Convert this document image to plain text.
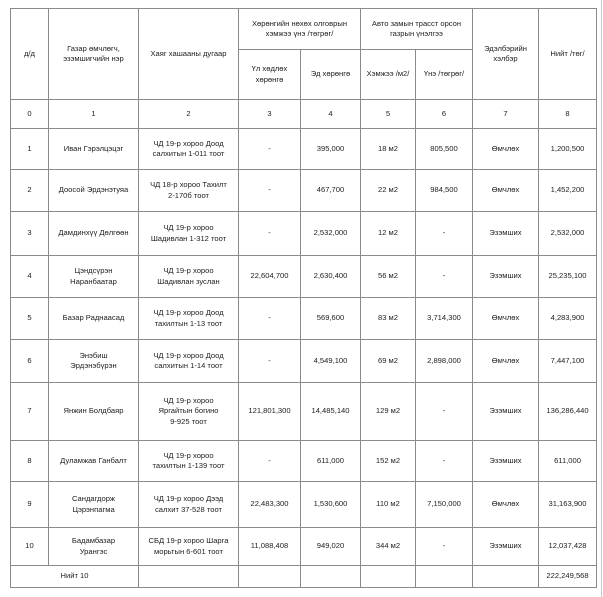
д/д	Газар өмчлөгч, эзэмшигчийн нэр	Хаяг хашааны дугаар	Хөрөнгийн нөхөх олговрын хэмжээ үнэ /төгрөг/		Авто замын трасст орсон газрын үнэлгээ		Эдэлбэрийн хэлбэр	Нийт /төг/
			Үл хөдлөх хөрөнгө	Эд хөрөнгө	Хэмжээ /м2/	Үнэ /төгрөг/		
0	1	2	3	4	5	6	7	8
1	Иван Гэрэлцэцэг	ЧД 19-р хороо Доод
салхитын 1-011 тоот	-	395,000	18 м2	805,500	Өмчлөх	1,200,500
2	Доосой Эрдэнэтуяа	ЧД 18-р хороо Тахилт
2-170б тоот	-	467,700	22 м2	984,500	Өмчлөх	1,452,200
3	Дамдинхүү Дөлгөөн	ЧД 19-р хороо
Шадивлан 1-312 тоот	-	2,532,000	12 м2	-	Эзэмших	2,532,000
4	Цэндсүрэн
Наранбаатар	ЧД 19-р хороо
Шадивлан зуслан	22,604,700	2,630,400	56 м2	-	Эзэмших	25,235,100
5	Базар Раднаасад	ЧД 19-р хороо Доод
тахилтын 1-13 тоот	-	569,600	83 м2	3,714,300	Өмчлөх	4,283,900
6	Энэбиш
Эрдэнэбүрэн	ЧД 19-р хороо Доод
салхитын 1-14 тоот	-	4,549,100	69 м2	2,898,000	Өмчлөх	7,447,100
7	Янжин Болдбаяр	ЧД 19-р хороо
Яргайтын богино
9-925 тоот	121,801,300	14,485,140	129 м2	-	Эзэмших	136,286,440
8	Дуламжав Ганбалт	ЧД 19-р хороо
тахилтын 1-139 тоот	-	611,000	152 м2	-	Эзэмших	611,000
9	Сандагдорж
Цэрэнпагма	ЧД 19-р хороо Дээд
салхит 37-528 тоот	22,483,300	1,530,600	110 м2	7,150,000	Өмчлөх	31,163,900
10	Бадамбазар
Урангэс	СБД 19-р хороо Шарга
морьтын 6-601 тоот	11,088,408	949,020	344 м2	-	Эзэмших	12,037,428
Нийт 10								222,249,568
